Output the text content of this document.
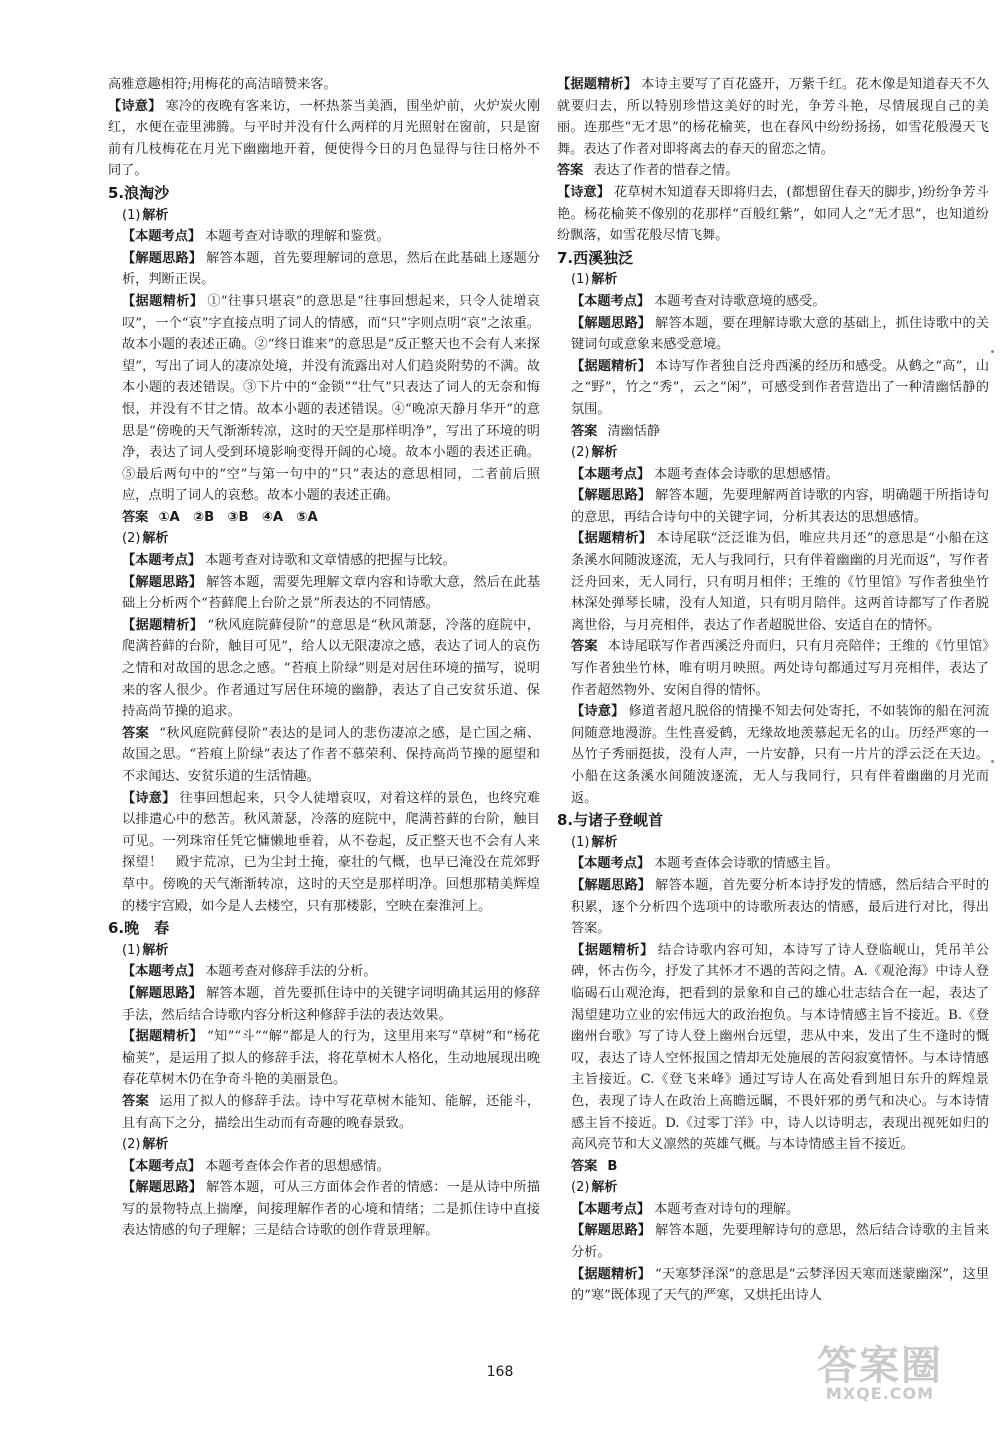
高雅意趣相符;用梅花的高洁暗赞来客。

【诗意】 寒冷的夜晚有客来访，一杯热茶当美酒，围坐炉前，火炉炭火刚红，水便在壶里沸腾。与平时并没有什么两样的月光照射在窗前，只是窗前有几枝梅花在月光下幽幽地开着，便使得今日的月色显得与往日格外不同了。

5.浪淘沙
(1) 解析

【本题考点】 本题考查对诗歌的理解和鉴赏。

【解题思路】 解答本题，首先要理解词的意思，然后在此基础上逐题分析，判断正误。

【据题精析】 ①“往事只堪哀”的意思是“往事回想起来，只令人徒增哀叹”，一个“哀”字直接点明了词人的情感，而“只”字则点明“哀”之浓重。故本小题的表述正确。②“终日谁来”的意思是“反正整天也不会有人来探望”，写出了词人的凄凉处境，并没有流露出对人们趋炎附势的不满。故本小题的表述错误。③下片中的“金锁”“壮气”只表达了词人的无奈和悔恨，并没有不甘之情。故本小题的表述错误。④“晚凉天静月华开”的意思是“傍晚的天气渐渐转凉，这时的天空是那样明净”，写出了环境的明净，表达了词人受到环境影响变得开阔的心境。故本小题的表述正确。⑤最后两句中的“空”与第一句中的“只”表达的意思相同，二者前后照应，点明了词人的哀愁。故本小题的表述正确。

答案 ①A　②B　③B　④A　⑤A

(2) 解析

【本题考点】 本题考查对诗歌和文章情感的把握与比较。

【解题思路】 解答本题，需要先理解文章内容和诗歌大意，然后在此基础上分析两个“苔藓爬上台阶之景”所表达的不同情感。

【据题精析】 “秋风庭院藓侵阶”的意思是“秋风萧瑟，冷落的庭院中，爬满苔藓的台阶，触目可见”，给人以无限凄凉之感，表达了词人的哀伤之情和对故国的思念之感。“苔痕上阶绿”则是对居住环境的描写，说明来的客人很少。作者通过写居住环境的幽静，表达了自己安贫乐道、保持高尚节操的追求。

答案 “秋风庭院藓侵阶”表达的是词人的悲伤凄凉之感，是亡国之痛、故国之思。“苔痕上阶绿”表达了作者不慕荣利、保持高尚节操的愿望和不求闻达、安贫乐道的生活情趣。

【诗意】 往事回想起来，只令人徒增哀叹，对着这样的景色，也终究难以排遣心中的愁苦。秋风萧瑟，冷落的庭院中，爬满苔藓的台阶，触目可见。一列珠帘任凭它慵懒地垂着，从不卷起，反正整天也不会有人来探望！　殿宇荒凉，已为尘封土掩，豪壮的气概，也早已淹没在荒郊野草中。傍晚的天气渐渐转凉，这时的天空是那样明净。回想那精美辉煌的楼宇宫殿，如今是人去楼空，只有那楼影，空映在秦淮河上。

6.晚　春
(1) 解析

【本题考点】 本题考查对修辞手法的分析。

【解题思路】 解答本题，首先要抓住诗中的关键字词明确其运用的修辞手法，然后结合诗歌内容分析这种修辞手法的表达效果。

【据题精析】 “知”“斗”“解”都是人的行为，这里用来写“草树”和“杨花榆荚”，是运用了拟人的修辞手法，将花草树木人格化，生动地展现出晚春花草树木仍在争奇斗艳的美丽景色。

答案 运用了拟人的修辞手法。诗中写花草树木能知、能解，还能斗，且有高下之分，描绘出生动而有奇趣的晚春景致。

(2) 解析

【本题考点】 本题考查体会作者的思想感情。

【解题思路】 解答本题，可从三方面体会作者的情感：一是从诗中所描写的景物特点上揣摩，间接理解作者的心境和情绪；二是抓住诗中直接表达情感的句子理解；三是结合诗歌的创作背景理解。

【据题精析】 本诗主要写了百花盛开，万紫千红。花木像是知道春天不久就要归去，所以特别珍惜这美好的时光，争芳斗艳，尽情展现自己的美丽。连那些“无才思”的杨花榆荚，也在春风中纷纷扬扬，如雪花般漫天飞舞。表达了作者对即将离去的春天的留恋之情。

答案 表达了作者的惜春之情。

【诗意】 花草树木知道春天即将归去，(都想留住春天的脚步，)纷纷争芳斗艳。杨花榆荚不像别的花那样“百般红紫”，如同人之“无才思”，也知道纷纷飘落，如雪花般尽情飞舞。

7.西溪独泛
(1) 解析

【本题考点】 本题考查对诗歌意境的感受。

【解题思路】 解答本题，要在理解诗歌大意的基础上，抓住诗歌中的关键词句或意象来感受意境。

【据题精析】 本诗写作者独自泛舟西溪的经历和感受。从鹤之“高”，山之“野”，竹之“秀”，云之“闲”，可感受到作者营造出了一种清幽恬静的氛围。

答案 清幽恬静

(2) 解析

【本题考点】 本题考查体会诗歌的思想感情。

【解题思路】 解答本题，先要理解两首诗歌的内容，明确题干所指诗句的意思，再结合诗句中的关键字词，分析其表达的思想感情。

【据题精析】 本诗尾联“泛泛谁为侣，唯应共月还”的意思是“小船在这条溪水间随波逐流，无人与我同行，只有伴着幽幽的月光而返”，写作者泛舟回来，无人同行，只有明月相伴；王维的《竹里馆》写作者独坐竹林深处弹琴长啸，没有人知道，只有明月陪伴。这两首诗都写了作者脱离世俗，与月亮相伴，表达了作者超脱世俗、安适自在的情怀。

答案 本诗尾联写作者西溪泛舟而归，只有月亮陪伴；王维的《竹里馆》写作者独坐竹林，唯有明月映照。两处诗句都通过写月亮相伴，表达了作者超然物外、安闲自得的情怀。

【诗意】 修道者超凡脱俗的情操不知去何处寄托，不如装饰的船在河流间随意地漫游。生性喜爱鹤，无缘故地羡慕起无名的山。历经严寒的一丛竹子秀丽挺拔，没有人声，一片安静，只有一片片的浮云泛在天边。小船在这条溪水间随波逐流，无人与我同行，只有伴着幽幽的月光而返。

8.与诸子登岘首
(1) 解析

【本题考点】 本题考查体会诗歌的情感主旨。

【解题思路】 解答本题，首先要分析本诗抒发的情感，然后结合平时的积累，逐个分析四个选项中的诗歌所表达的情感，最后进行对比，得出答案。

【据题精析】 结合诗歌内容可知，本诗写了诗人登临岘山，凭吊羊公碑，怀古伤今，抒发了其怀才不遇的苦闷之情。A.《观沧海》中诗人登临碣石山观沧海，把看到的景象和自己的雄心壮志结合在一起，表达了渴望建功立业的宏伟远大的政治抱负。与本诗情感主旨不接近。B.《登幽州台歌》写了诗人登上幽州台远望，悲从中来，发出了生不逢时的慨叹，表达了诗人空怀报国之情却无处施展的苦闷寂寞情怀。与本诗情感主旨接近。C.《登飞来峰》通过写诗人在高处看到旭日东升的辉煌景色，表现了诗人在政治上高瞻远瞩，不畏奸邪的勇气和决心。与本诗情感主旨不接近。D.《过零丁洋》中，诗人以诗明志，表现出视死如归的高风亮节和大义凛然的英雄气概。与本诗情感主旨不接近。

答案 B

(2) 解析

【本题考点】 本题考查对诗句的理解。

【解题思路】 解答本题，先要理解诗句的意思，然后结合诗歌的主旨来分析。

【据题精析】 “天寒梦泽深”的意思是“云梦泽因天寒而迷蒙幽深”，这里的“寒”既体现了天气的严寒，又烘托出诗人

168	答案圈
MXQE.COM
